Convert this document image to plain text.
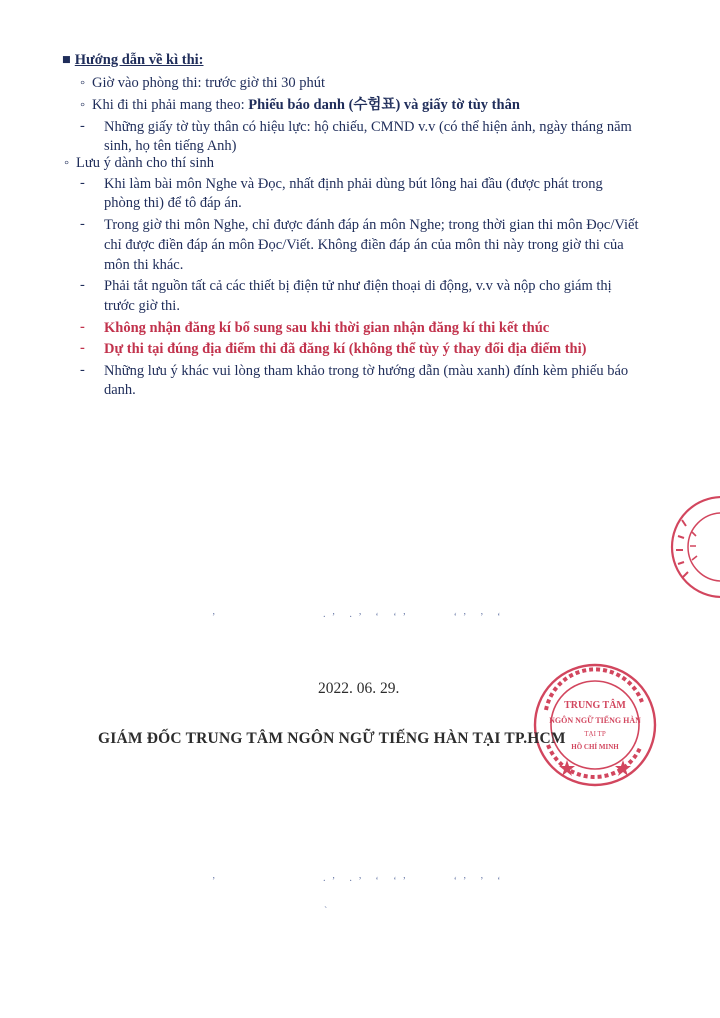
■ Hướng dẫn về kì thi:
◦ Giờ vào phòng thi: trước giờ thi 30 phút
◦ Khi đi thi phải mang theo: Phiếu báo danh (수험표) và giấy tờ tùy thân
- Những giấy tờ tùy thân có hiệu lực: hộ chiếu, CMND v.v (có thể hiện ảnh, ngày tháng năm
sinh, họ tên tiếng Anh)
◦ Lưu ý dành cho thí sinh
- Khi làm bài môn Nghe và Đọc, nhất định phải dùng bút lông hai đầu (được phát trong
phòng thi) để tô đáp án.
- Trong giờ thi môn Nghe, chỉ được đánh đáp án môn Nghe; trong thời gian thi môn Đọc/Viết
chỉ được điền đáp án môn Đọc/Viết. Không điền đáp án của môn thi này trong giờ thi của
môn thi khác.
- Phải tắt nguồn tất cả các thiết bị điện tử như điện thoại di động, v.v và nộp cho giám thị
trước giờ thi.
- Không nhận đăng kí bổ sung sau khi thời gian nhận đăng kí thi kết thúc
- Dự thi tại đúng địa điểm thi đã đăng kí (không thể tùy ý thay đổi địa điểm thi)
- Những lưu ý khác vui lòng tham khảo trong tờ hướng dẫn (màu xanh) đính kèm phiếu báo
danh.
’            ·’ ·’ ‘ ‘’     ‘’ ’ ‘
’            ·’ ·’ ‘ ‘’     ‘’ ’ ‘
`
TRUNG TÂM
NGÔN NGỮ TIẾNG HÀN
TẠI TP
HỒ CHÍ MINH
2022. 06. 29.
GIÁM ĐỐC TRUNG TÂM NGÔN NGỮ TIẾNG HÀN TẠI TP.HCM
